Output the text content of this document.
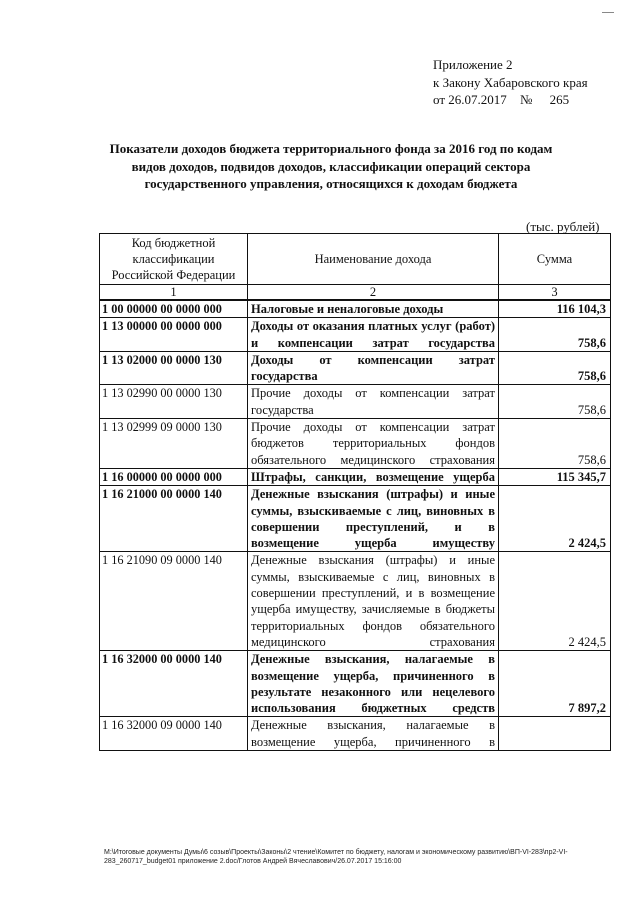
Приложение 2
к Закону Хабаровского края
от 26.07.2017 № 265
Показатели доходов бюджета территориального фонда за 2016 год по кодам видов доходов, подвидов доходов, классификации операций сектора государственного управления, относящихся к доходам бюджета
(тыс. рублей)
Код бюджетной классификации Российской Федерации	Наименование дохода	Сумма
1	2	3
1 00 00000 00 0000 000	Налоговые и неналоговые доходы	116 104,3
1 13 00000 00 0000 000	Доходы от оказания платных услуг (работ) и компенсации затрат государства	758,6
1 13 02000 00 0000 130	Доходы от компенсации затрат государства	758,6
1 13 02990 00 0000 130	Прочие доходы от компенсации затрат государства	758,6
1 13 02999 09 0000 130	Прочие доходы от компенсации затрат бюджетов территориальных фондов обязательного медицинского страхования	758,6
1 16 00000 00 0000 000	Штрафы, санкции, возмещение ущерба	115 345,7
1 16 21000 00 0000 140	Денежные взыскания (штрафы) и иные суммы, взыскиваемые с лиц, виновных в совершении преступлений, и в возмещение ущерба имуществу	2 424,5
1 16 21090 09 0000 140	Денежные взыскания (штрафы) и иные суммы, взыскиваемые с лиц, виновных в совершении преступлений, и в возмещение ущерба имуществу, зачисляемые в бюджеты территориальных фондов обязательного медицинского страхования	2 424,5
1 16 32000 00 0000 140	Денежные взыскания, налагаемые в возмещение ущерба, причиненного в результате незаконного или нецелевого использования бюджетных средств	7 897,2
1 16 32000 09 0000 140	Денежные взыскания, налагаемые в возмещение ущерба, причиненного в	
M:\Итоговые документы Думы\6 созыв\Проекты\Законы\2 чтение\Комитет по бюджету, налогам и экономическому развитию\ВП-VI-283\пр2-VI-283_260717_budget01 приложение 2.doc/Глотов Андрей Вячеславович/26.07.2017 15:16:00
